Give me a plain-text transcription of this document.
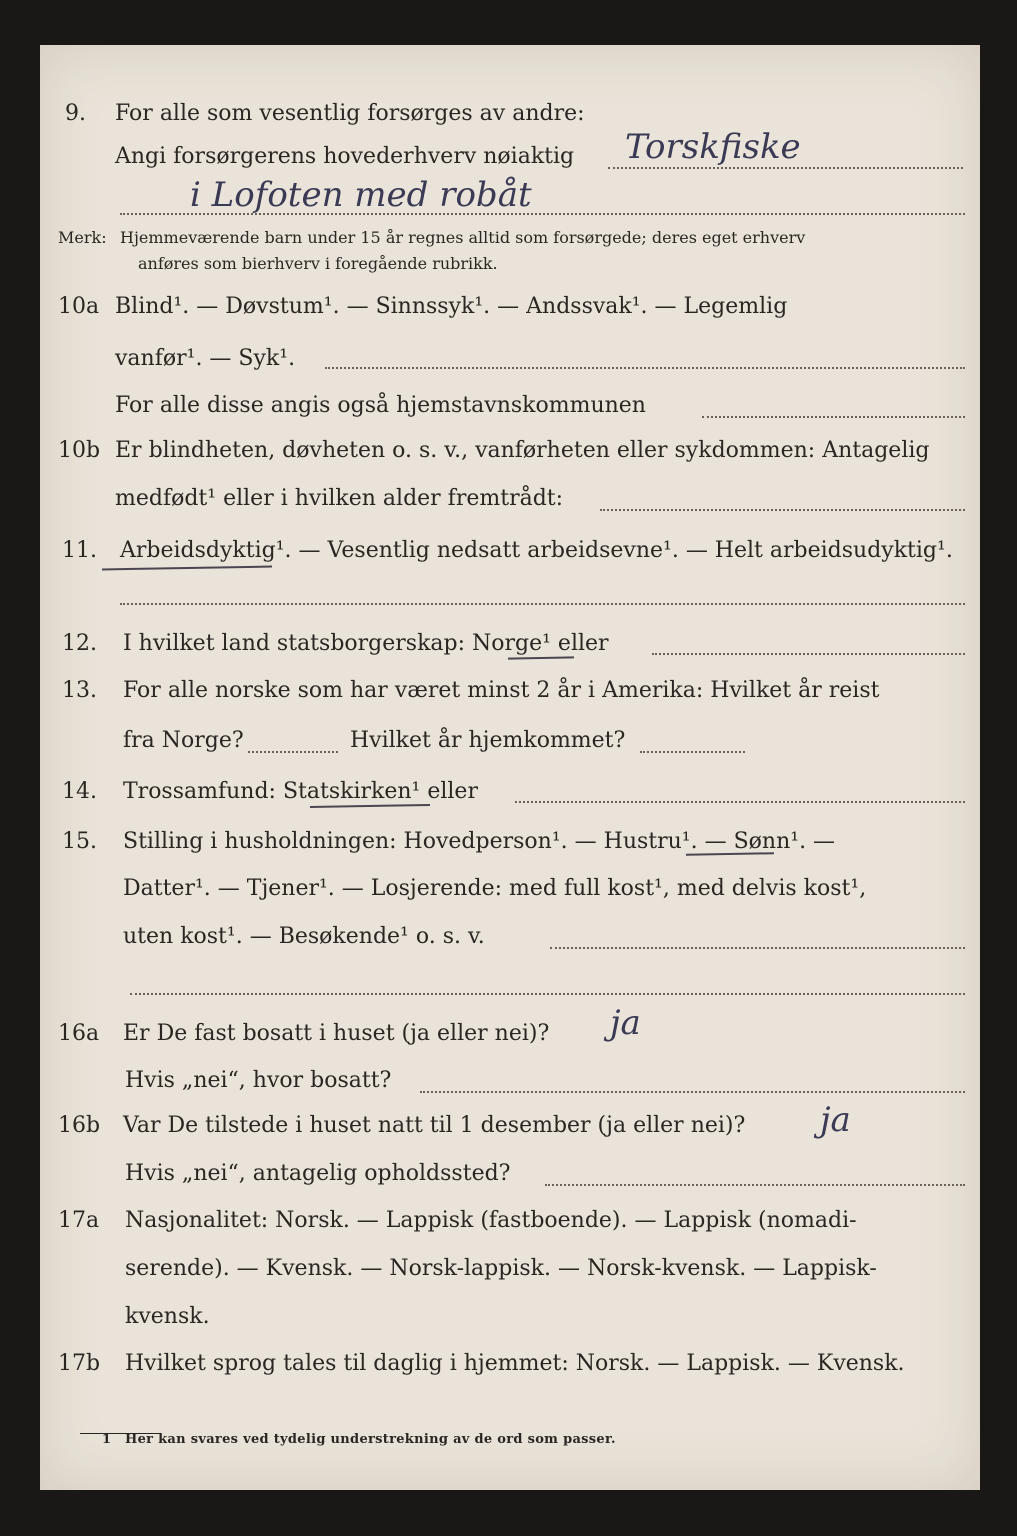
9. For alle som vesentlig forsørges av andre:
Angi forsørgerens hovederhverv nøiaktig Torskfiske
i Lofoten med robåt
Merk: Hjemmeværende barn under 15 år regnes alltid som forsørgede; deres eget erhverv
anføres som bierhverv i foregående rubrikk.
10a Blind¹. — Døvstum¹. — Sinnssyk¹. — Andssvak¹. — Legemlig
vanfør¹. — Syk¹.
For alle disse angis også hjemstavnskommunen
10b Er blindheten, døvheten o. s. v., vanførheten eller sykdommen: Antagelig
medfødt¹ eller i hvilken alder fremtrådt:
11. Arbeidsdyktig¹. — Vesentlig nedsatt arbeidsevne¹. — Helt arbeidsudyktig¹.
12. I hvilket land statsborgerskap: Norge¹ eller
13. For alle norske som har været minst 2 år i Amerika: Hvilket år reist
fra Norge?	Hvilket år hjemkommet?
14. Trossamfund: Statskirken¹ eller
15. Stilling i husholdningen: Hovedperson¹. — Hustru¹. — Sønn¹. —
Datter¹. — Tjener¹. — Losjerende: med full kost¹, med delvis kost¹,
uten kost¹. — Besøkende¹ o. s. v.
16a Er De fast bosatt i huset (ja eller nei)? ja
Hvis „nei“, hvor bosatt?
16b Var De tilstede i huset natt til 1 desember (ja eller nei)? ja
Hvis „nei“, antagelig opholdssted?
17a Nasjonalitet: Norsk. — Lappisk (fastboende). — Lappisk (nomadi-
serende). — Kvensk. — Norsk-lappisk. — Norsk-kvensk. — Lappisk-
kvensk.
17b Hvilket sprog tales til daglig i hjemmet: Norsk. — Lappisk. — Kvensk.
1 Her kan svares ved tydelig understrekning av de ord som passer.
